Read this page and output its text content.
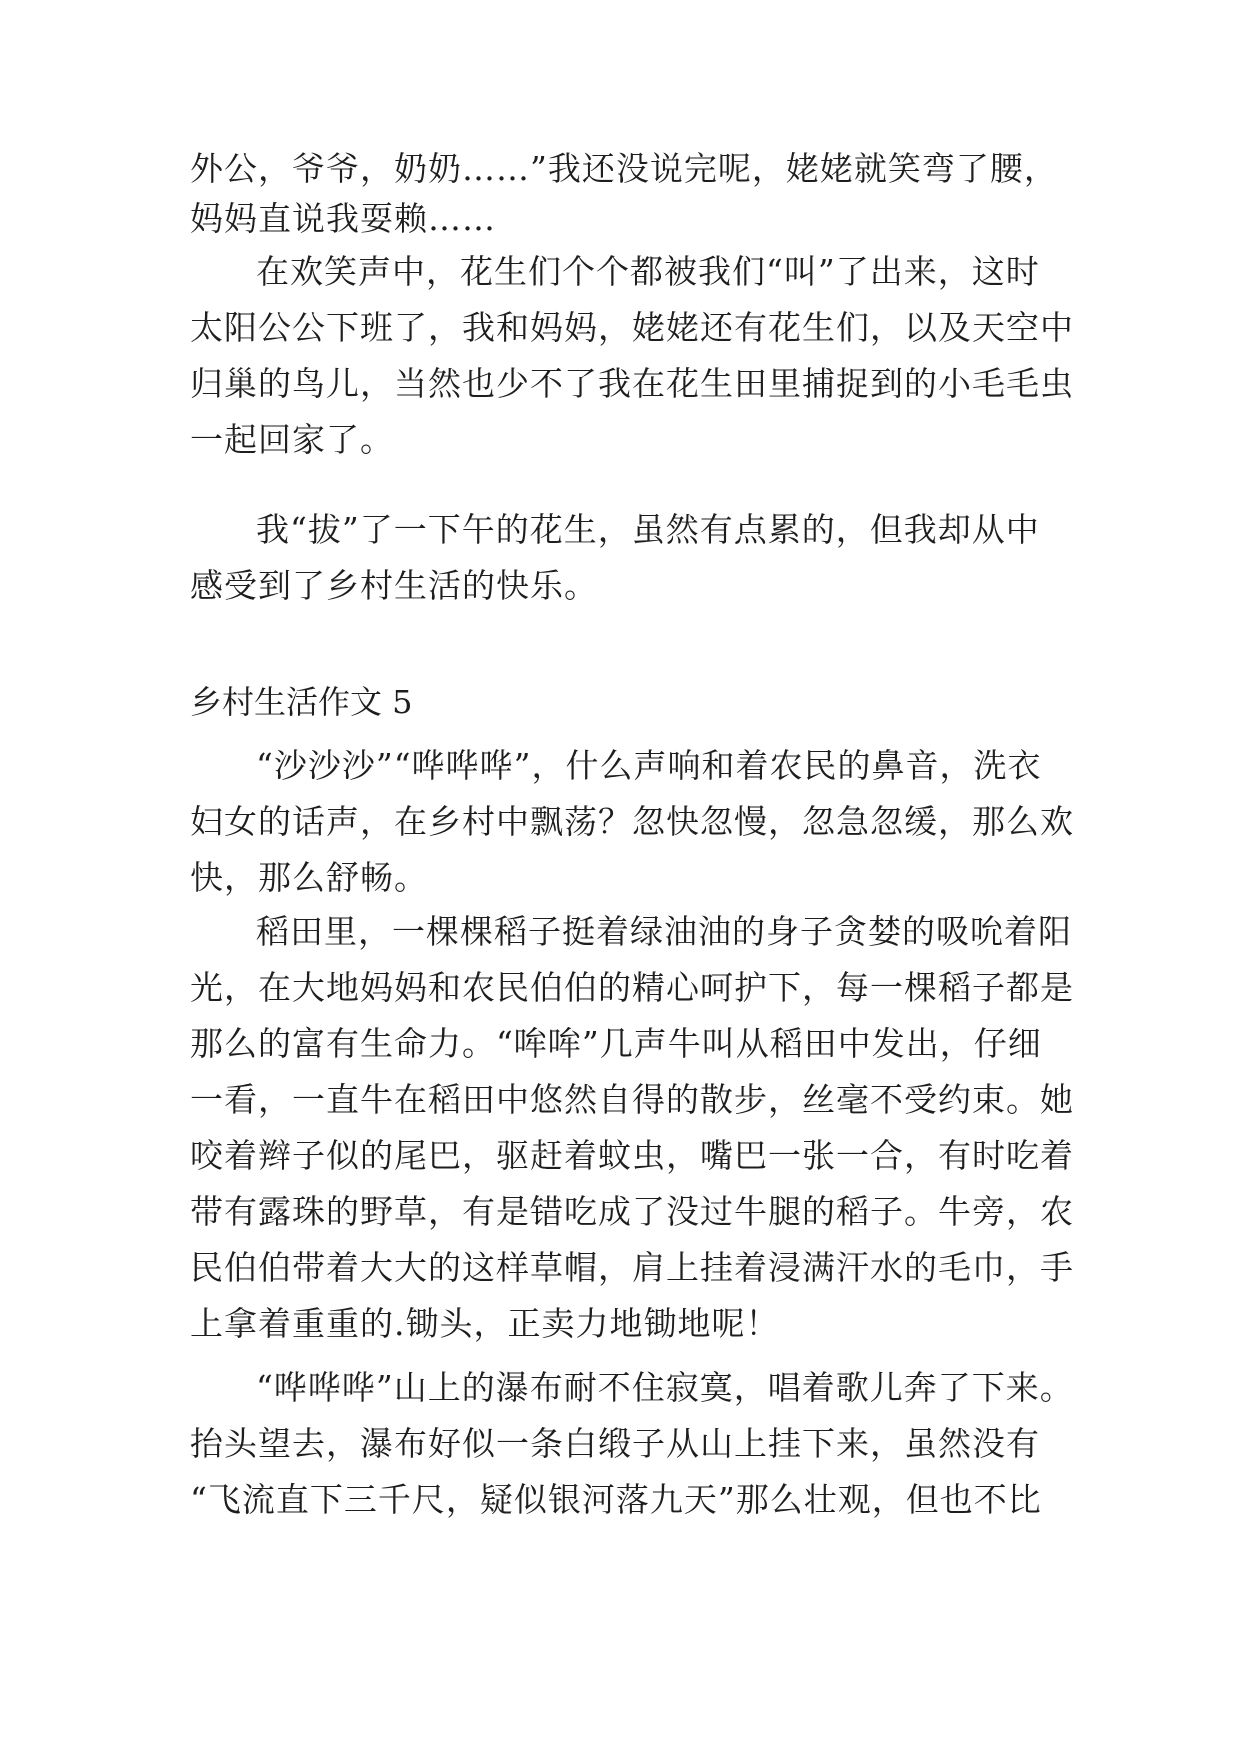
外公，爷爷，奶奶……”我还没说完呢，姥姥就笑弯了腰，
妈妈直说我耍赖……
在欢笑声中，花生们个个都被我们“叫”了出来，这时
太阳公公下班了，我和妈妈，姥姥还有花生们，以及天空中
归巢的鸟儿，当然也少不了我在花生田里捕捉到的小毛毛虫
一起回家了。
我“拔”了一下午的花生，虽然有点累的，但我却从中
感受到了乡村生活的快乐。
乡村生活作文 5
“沙沙沙”“哗哗哗”，什么声响和着农民的鼻音，洗衣
妇女的话声，在乡村中飘荡？忽快忽慢，忽急忽缓，那么欢
快，那么舒畅。
稻田里，一棵棵稻子挺着绿油油的身子贪婪的吸吮着阳
光，在大地妈妈和农民伯伯的精心呵护下，每一棵稻子都是
那么的富有生命力。“哞哞”几声牛叫从稻田中发出，仔细
一看，一直牛在稻田中悠然自得的散步，丝毫不受约束。她
咬着辫子似的尾巴，驱赶着蚊虫，嘴巴一张一合，有时吃着
带有露珠的野草，有是错吃成了没过牛腿的稻子。牛旁，农
民伯伯带着大大的这样草帽，肩上挂着浸满汗水的毛巾，手
上拿着重重的.锄头，正卖力地锄地呢！
“哗哗哗”山上的瀑布耐不住寂寞，唱着歌儿奔了下来。
抬头望去，瀑布好似一条白缎子从山上挂下来，虽然没有
“飞流直下三千尺，疑似银河落九天”那么壮观，但也不比
